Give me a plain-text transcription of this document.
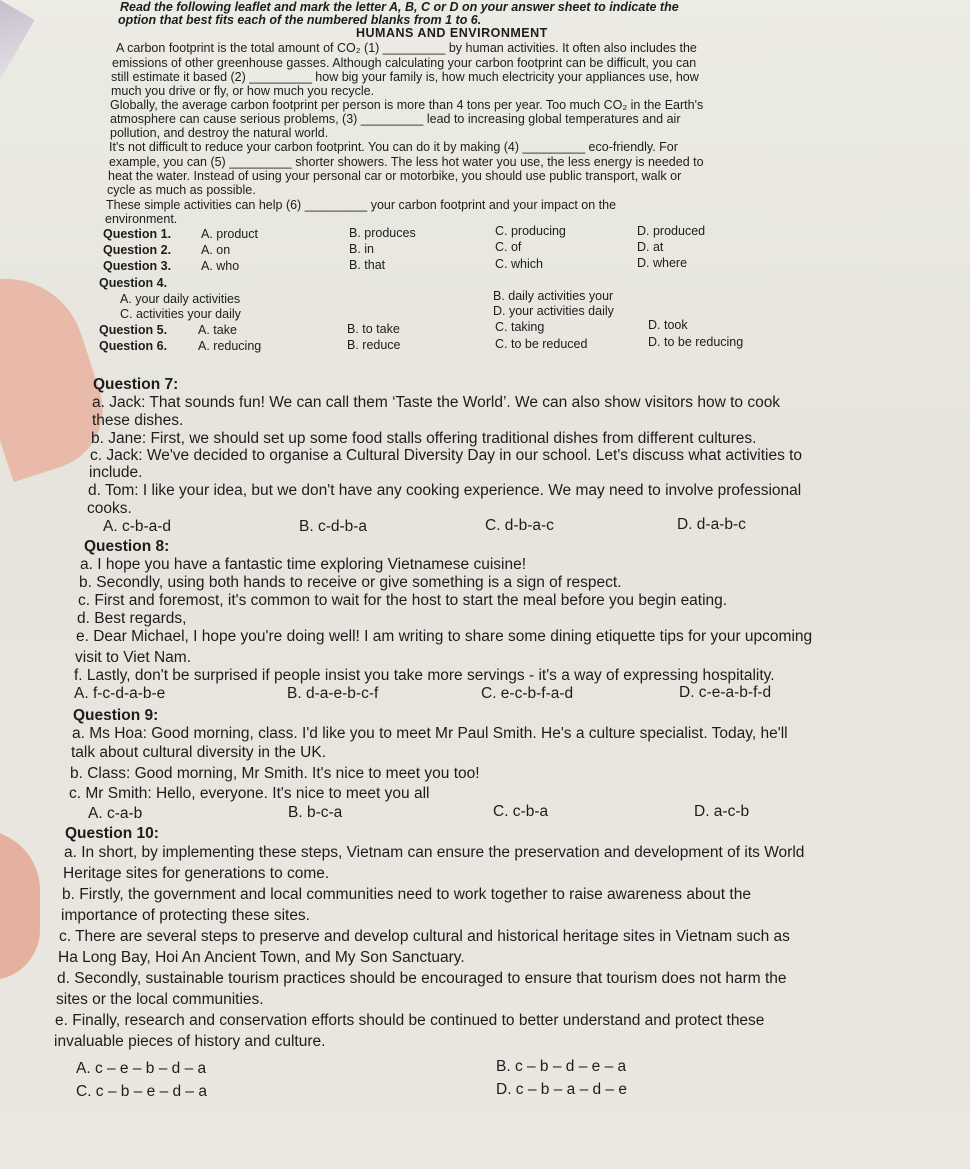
Read the following leaflet and mark the letter A, B, C or D on your answer sheet to indicate the
option that best fits each of the numbered blanks from 1 to 6.
HUMANS AND ENVIRONMENT
A carbon footprint is the total amount of CO₂ (1) _________ by human activities. It often also includes the
emissions of other greenhouse gasses. Although calculating your carbon footprint can be difficult, you can
still estimate it based (2) _________ how big your family is, how much electricity your appliances use, how
much you drive or fly, or how much you recycle.
Globally, the average carbon footprint per person is more than 4 tons per year. Too much CO₂ in the Earth's
atmosphere can cause serious problems, (3) _________ lead to increasing global temperatures and air
pollution, and destroy the natural world.
It's not difficult to reduce your carbon footprint. You can do it by making (4) _________ eco-friendly. For
example, you can (5) _________ shorter showers. The less hot water you use, the less energy is needed to
heat the water. Instead of using your personal car or motorbike, you should use public transport, walk or
cycle as much as possible.
These simple activities can help (6) _________ your carbon footprint and your impact on the
environment.
Question 1. A. product	B. produces	C. producing	D. produced
Question 2. A. on	B. in	C. of	D. at
Question 3. A. who	B. that	C. which	D. where
Question 4.
A. your daily activities	B. daily activities your
C. activities your daily	D. your activities daily
Question 5. A. take	B. to take	C. taking	D. took
Question 6. A. reducing	B. reduce	C. to be reduced	D. to be reducing
Question 7:
a. Jack: That sounds fun! We can call them ‘Taste the World’. We can also show visitors how to cook
these dishes.
b. Jane: First, we should set up some food stalls offering traditional dishes from different cultures.
c. Jack: We've decided to organise a Cultural Diversity Day in our school. Let's discuss what activities to
include.
d. Tom: I like your idea, but we don't have any cooking experience. We may need to involve professional
cooks.
A. c-b-a-d	B. c-d-b-a	C. d-b-a-c	D. d-a-b-c
Question 8:
a. I hope you have a fantastic time exploring Vietnamese cuisine!
b. Secondly, using both hands to receive or give something is a sign of respect.
c. First and foremost, it's common to wait for the host to start the meal before you begin eating.
d. Best regards,
e. Dear Michael, I hope you're doing well! I am writing to share some dining etiquette tips for your upcoming
visit to Viet Nam.
f. Lastly, don't be surprised if people insist you take more servings - it's a way of expressing hospitality.
A. f-c-d-a-b-e	B. d-a-e-b-c-f	C. e-c-b-f-a-d	D. c-e-a-b-f-d
Question 9:
a. Ms Hoa: Good morning, class. I'd like you to meet Mr Paul Smith. He's a culture specialist. Today, he'll
talk about cultural diversity in the UK.
b. Class: Good morning, Mr Smith. It's nice to meet you too!
c. Mr Smith: Hello, everyone. It's nice to meet you all
A. c-a-b	B. b-c-a	C. c-b-a	D. a-c-b
Question 10:
a. In short, by implementing these steps, Vietnam can ensure the preservation and development of its World
Heritage sites for generations to come.
b. Firstly, the government and local communities need to work together to raise awareness about the
importance of protecting these sites.
c. There are several steps to preserve and develop cultural and historical heritage sites in Vietnam such as
Ha Long Bay, Hoi An Ancient Town, and My Son Sanctuary.
d. Secondly, sustainable tourism practices should be encouraged to ensure that tourism does not harm the
sites or the local communities.
e. Finally, research and conservation efforts should be continued to better understand and protect these
invaluable pieces of history and culture.
A. c – e – b – d – a	B. c – b – d – e – a
C. c – b – e – d – a	D. c – b – a – d – e
